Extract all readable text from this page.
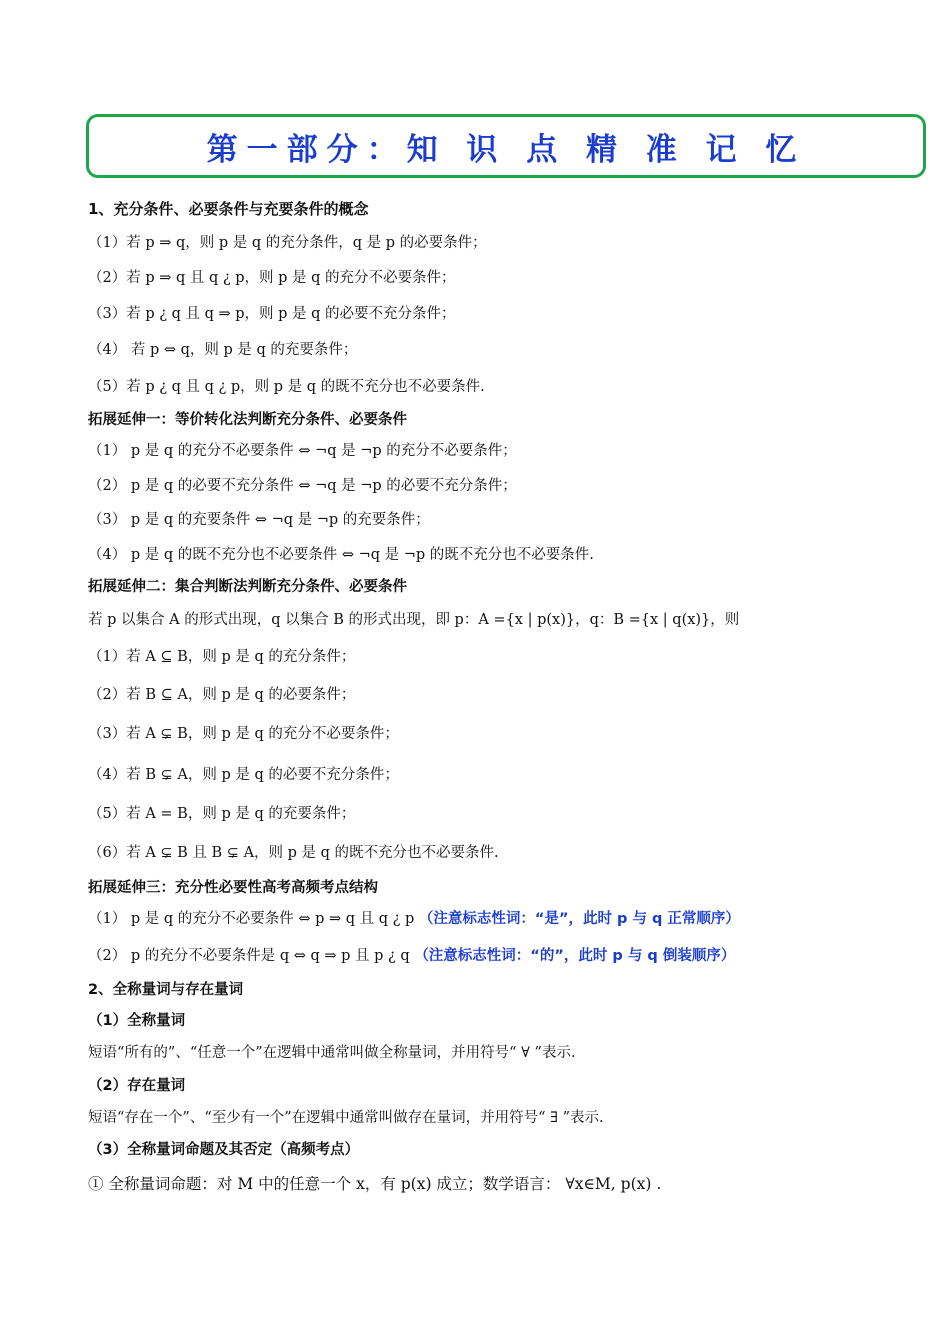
第一部分：知 识 点 精 准 记 忆
1、充分条件、必要条件与充要条件的概念
（1）若 p ⇒ q，则 p 是 q 的充分条件，q 是 p 的必要条件；
（2）若 p ⇒ q 且 q ¿ p，则 p 是 q 的充分不必要条件；
（3）若 p ¿ q 且 q ⇒ p，则 p 是 q 的必要不充分条件；
（4） 若 p ⇔ q，则 p 是 q 的充要条件；
（5）若 p ¿ q 且 q ¿ p，则 p 是 q 的既不充分也不必要条件.
拓展延伸一：等价转化法判断充分条件、必要条件
（1） p 是 q 的充分不必要条件 ⇔ ¬q 是 ¬p 的充分不必要条件；
（2） p 是 q 的必要不充分条件 ⇔ ¬q 是 ¬p 的必要不充分条件；
（3） p 是 q 的充要条件 ⇔ ¬q 是 ¬p 的充要条件；
（4） p 是 q 的既不充分也不必要条件 ⇔ ¬q 是 ¬p 的既不充分也不必要条件.
拓展延伸二：集合判断法判断充分条件、必要条件
若 p 以集合 A 的形式出现，q 以集合 B 的形式出现，即 p：A ={x | p(x)}，q：B ={x | q(x)}，则
（1）若 A ⊆ B，则 p 是 q 的充分条件；
（2）若 B ⊆ A，则 p 是 q 的必要条件；
（3）若 A ⊊ B，则 p 是 q 的充分不必要条件；
（4）若 B ⊊ A，则 p 是 q 的必要不充分条件；
（5）若 A = B，则 p 是 q 的充要条件；
（6）若 A ⊊ B 且 B ⊊ A，则 p 是 q 的既不充分也不必要条件.
拓展延伸三：充分性必要性高考高频考点结构
（1） p 是 q 的充分不必要条件 ⇔ p ⇒ q 且 q ¿ p （注意标志性词：“是”，此时 p 与 q 正常顺序）
（2） p 的充分不必要条件是 q ⇔ q ⇒ p 且 p ¿ q （注意标志性词：“的”，此时 p 与 q 倒装顺序）
2、全称量词与存在量词
（1）全称量词
短语“所有的”、“任意一个”在逻辑中通常叫做全称量词，并用符号“ ∀ ”表示.
（2）存在量词
短语“存在一个”、“至少有一个”在逻辑中通常叫做存在量词，并用符号“ ∃ ”表示.
（3）全称量词命题及其否定（高频考点）
① 全称量词命题：对 M 中的任意一个 x，有 p(x) 成立；数学语言： ∀x∈M, p(x) .
